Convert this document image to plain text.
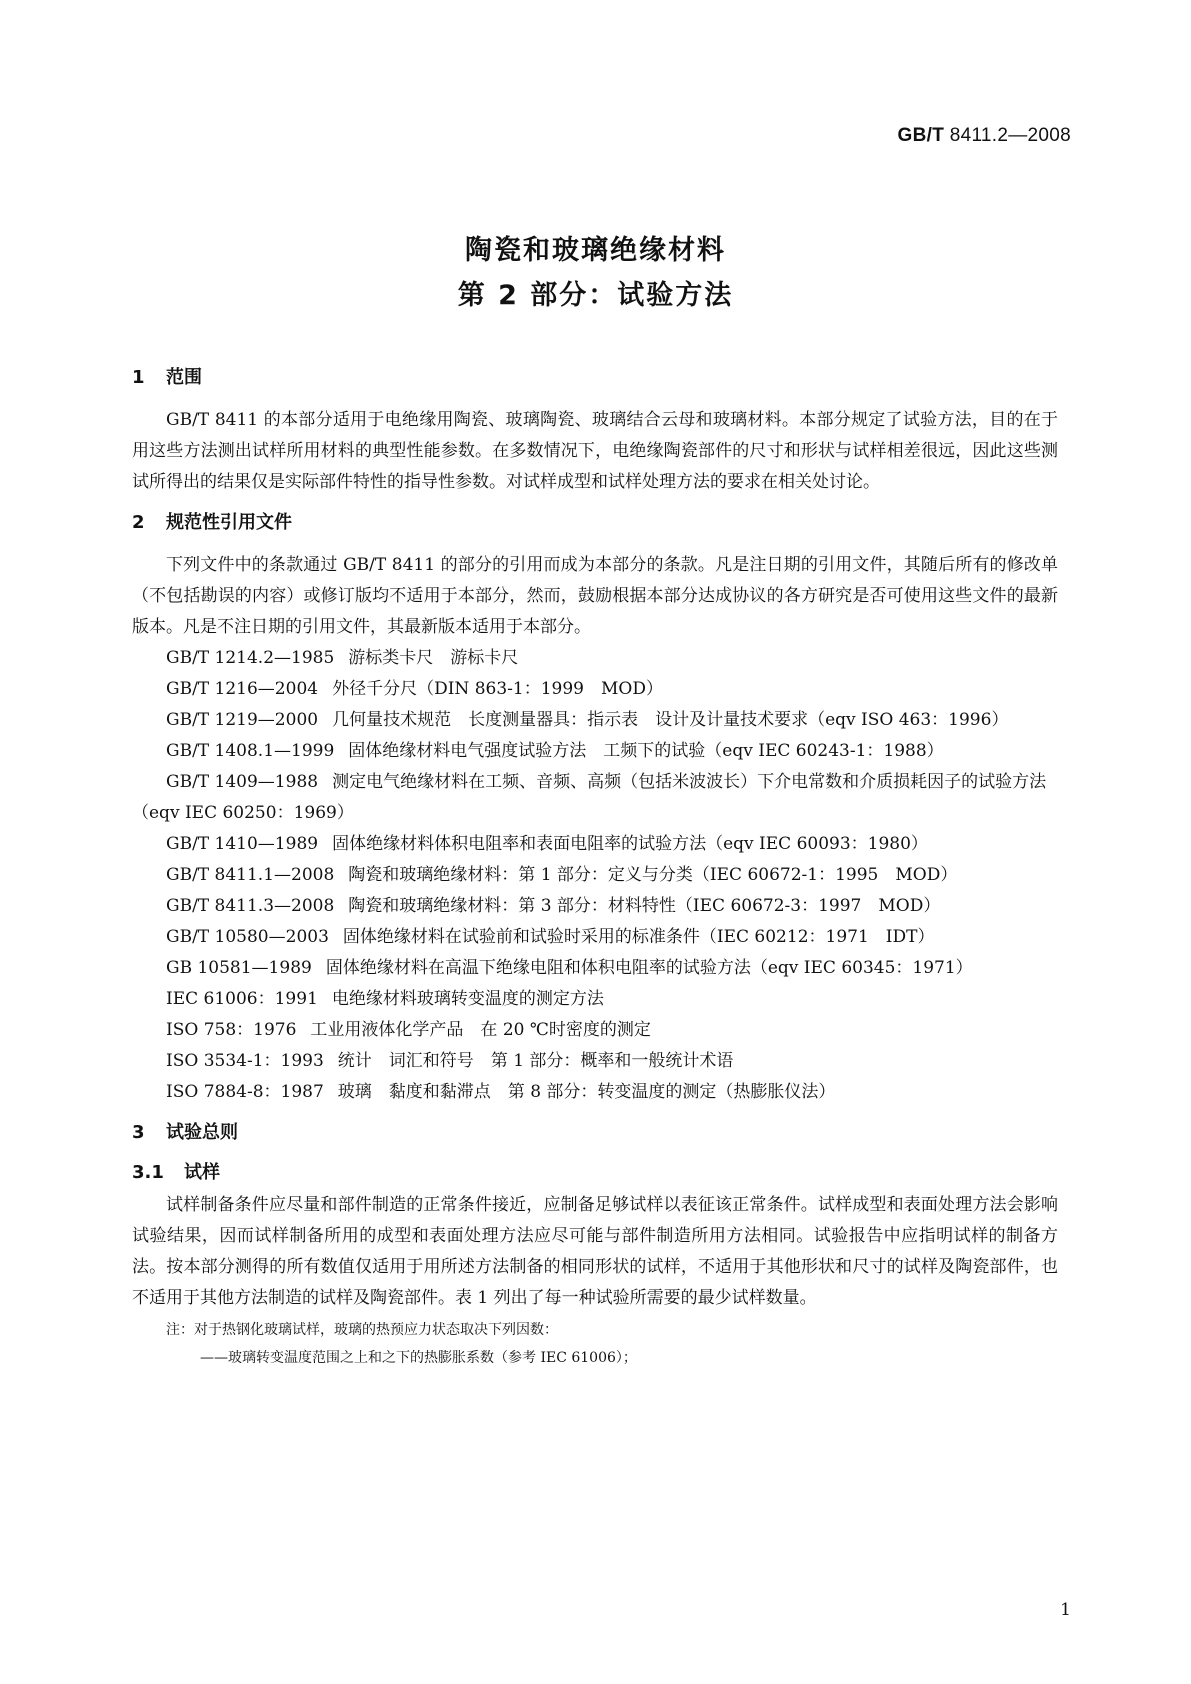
GB/T 8411.2—2008
陶瓷和玻璃绝缘材料
第 2 部分：试验方法
1 范围

GB/T 8411 的本部分适用于电绝缘用陶瓷、玻璃陶瓷、玻璃结合云母和玻璃材料。本部分规定了试验方法，目的在于用这些方法测出试样所用材料的典型性能参数。在多数情况下，电绝缘陶瓷部件的尺寸和形状与试样相差很远，因此这些测试所得出的结果仅是实际部件特性的指导性参数。对试样成型和试样处理方法的要求在相关处讨论。

2 规范性引用文件

下列文件中的条款通过 GB/T 8411 的部分的引用而成为本部分的条款。凡是注日期的引用文件，其随后所有的修改单（不包括勘误的内容）或修订版均不适用于本部分，然而，鼓励根据本部分达成协议的各方研究是否可使用这些文件的最新版本。凡是不注日期的引用文件，其最新版本适用于本部分。

GB/T 1214.2—1985 游标类卡尺　游标卡尺
GB/T 1216—2004 外径千分尺（DIN 863-1：1999　MOD）
GB/T 1219—2000 几何量技术规范　长度测量器具：指示表　设计及计量技术要求（eqv ISO 463：1996）
GB/T 1408.1—1999 固体绝缘材料电气强度试验方法　工频下的试验（eqv IEC 60243-1：1988）
GB/T 1409—1988 测定电气绝缘材料在工频、音频、高频（包括米波波长）下介电常数和介质损耗因子的试验方法（eqv IEC 60250：1969）
GB/T 1410—1989 固体绝缘材料体积电阻率和表面电阻率的试验方法（eqv IEC 60093：1980）
GB/T 8411.1—2008 陶瓷和玻璃绝缘材料：第 1 部分：定义与分类（IEC 60672-1：1995　MOD）
GB/T 8411.3—2008 陶瓷和玻璃绝缘材料：第 3 部分：材料特性（IEC 60672-3：1997　MOD）
GB/T 10580—2003 固体绝缘材料在试验前和试验时采用的标准条件（IEC 60212：1971　IDT）
GB 10581—1989 固体绝缘材料在高温下绝缘电阻和体积电阻率的试验方法（eqv IEC 60345：1971）
IEC 61006：1991 电绝缘材料玻璃转变温度的测定方法
ISO 758：1976 工业用液体化学产品　在 20 ℃时密度的测定
ISO 3534-1：1993 统计　词汇和符号　第 1 部分：概率和一般统计术语
ISO 7884-8：1987 玻璃　黏度和黏滞点　第 8 部分：转变温度的测定（热膨胀仪法）
3 试验总则
3.1 试样

试样制备条件应尽量和部件制造的正常条件接近，应制备足够试样以表征该正常条件。试样成型和表面处理方法会影响试验结果，因而试样制备所用的成型和表面处理方法应尽可能与部件制造所用方法相同。试验报告中应指明试样的制备方法。按本部分测得的所有数值仅适用于用所述方法制备的相同形状的试样，不适用于其他形状和尺寸的试样及陶瓷部件，也不适用于其他方法制造的试样及陶瓷部件。表 1 列出了每一种试验所需要的最少试样数量。

注：对于热钢化玻璃试样，玻璃的热预应力状态取决下列因数：

——玻璃转变温度范围之上和之下的热膨胀系数（参考 IEC 61006）；

1
